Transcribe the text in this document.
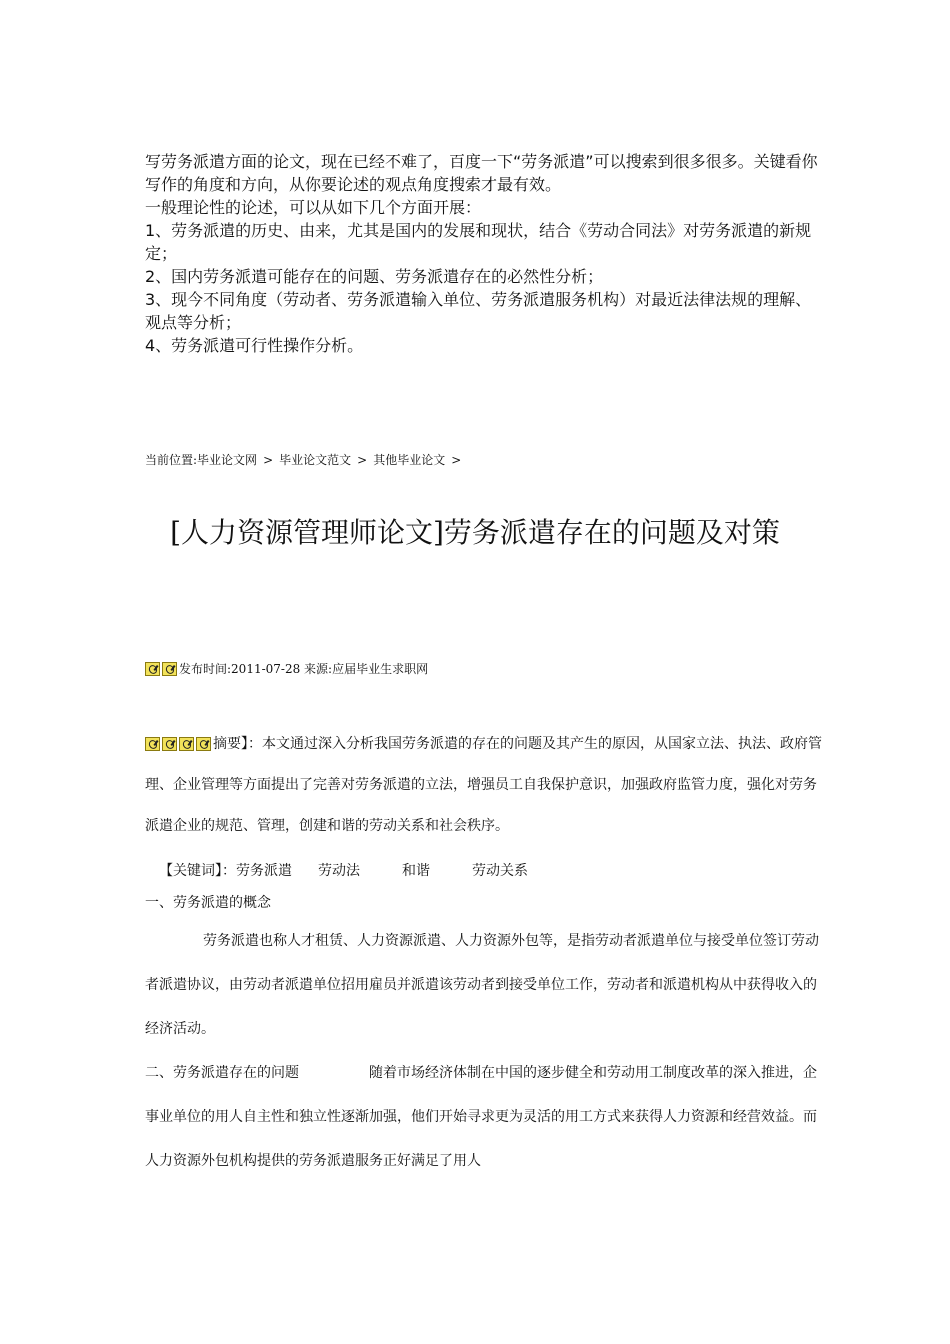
写劳务派遣方面的论文，现在已经不难了，百度一下“劳务派遣”可以搜索到很多很多。关键看你写作的角度和方向，从你要论述的观点角度搜索才最有效。

一般理论性的论述，可以从如下几个方面开展：

1、劳务派遣的历史、由来，尤其是国内的发展和现状，结合《劳动合同法》对劳务派遣的新规定；

2、国内劳务派遣可能存在的问题、劳务派遣存在的必然性分析；

3、现今不同角度（劳动者、劳务派遣输入单位、劳务派遣服务机构）对最近法律法规的理解、观点等分析；

4、劳务派遣可行性操作分析。

当前位置:毕业论文网 > 毕业论文范文 > 其他毕业论文 >
[人力资源管理师论文]劳务派遣存在的问题及对策
发布时间:2011-07-28 来源:应届毕业生求职网

摘要】：本文通过深入分析我国劳务派遣的存在的问题及其产生的原因，从国家立法、执法、政府管理、企业管理等方面提出了完善对劳务派遣的立法，增强员工自我保护意识，加强政府监管力度，强化对劳务派遣企业的规范、管理，创建和谐的劳动关系和社会秩序。

【关键词】：劳务派遣 劳动法	和谐	劳动关系

一、劳务派遣的概念

劳务派遣也称人才租赁、人力资源派遣、人力资源外包等，是指劳动者派遣单位与接受单位签订劳动者派遣协议，由劳动者派遣单位招用雇员并派遣该劳动者到接受单位工作，劳动者和派遣机构从中获得收入的经济活动。

二、劳务派遣存在的问题	随着市场经济体制在中国的逐步健全和劳动用工制度改革的深入推进，企事业单位的用人自主性和独立性逐渐加强，他们开始寻求更为灵活的用工方式来获得人力资源和经营效益。而人力资源外包机构提供的劳务派遣服务正好满足了用人
